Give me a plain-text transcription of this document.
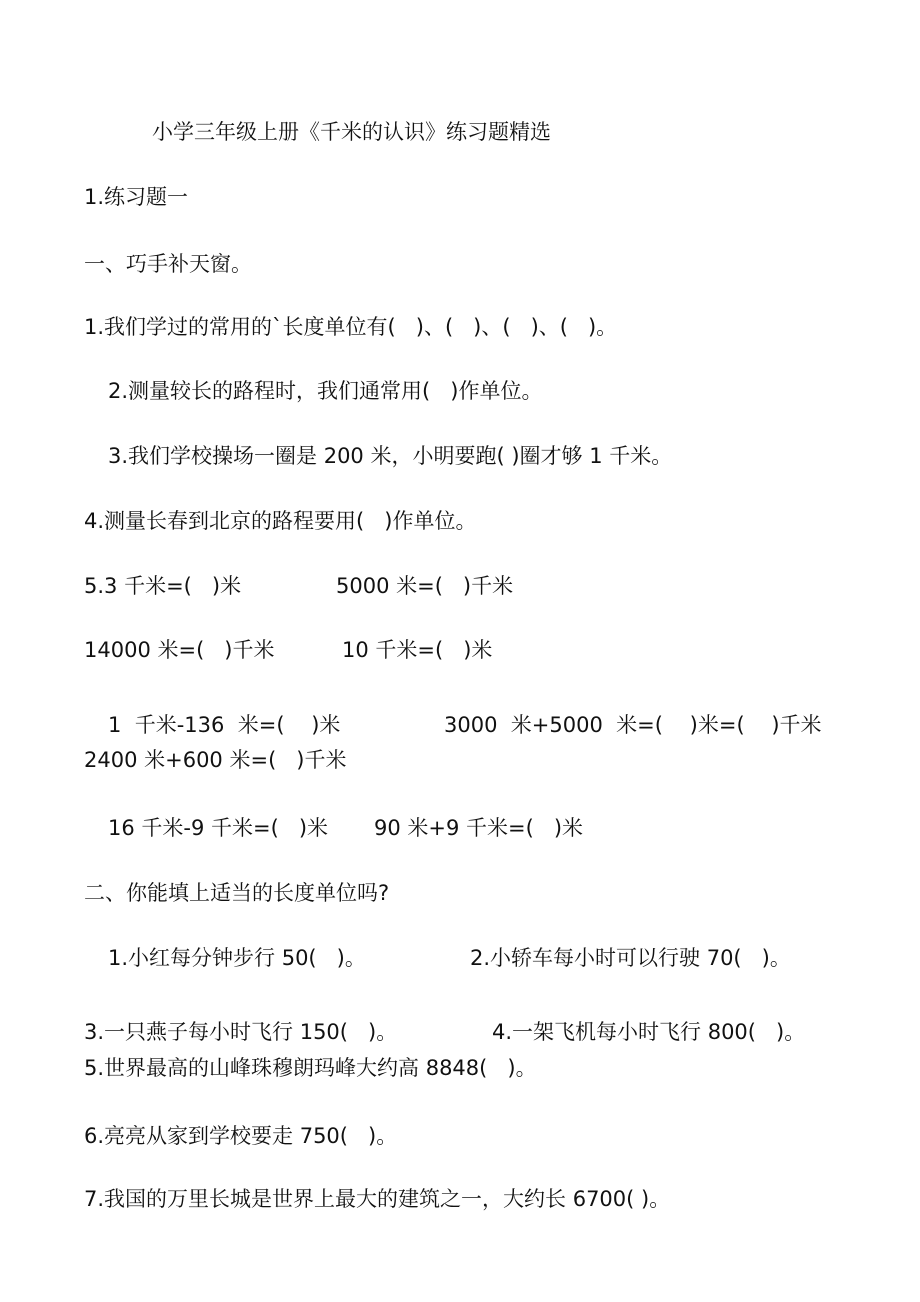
小学三年级上册《千米的认识》练习题精选
1.练习题一
一、巧手补天窗。
1.我们学过的常用的`长度单位有(   )、(   )、(   )、(   )。
2.测量较长的路程时，我们通常用(   )作单位。
3.我们学校操场一圈是 200 米，小明要跑( )圈才够 1 千米。
4.测量长春到北京的路程要用(   )作单位。
5.3 千米=(   )米	5000 米=(   )千米
14000 米=(   )千米	10 千米=(   )米
1  千米-136  米=(    )米	3000  米+5000  米=(    )米=(    )千米
2400 米+600 米=(   )千米
16 千米-9 千米=(   )米 90 米+9 千米=(   )米
二、你能填上适当的长度单位吗?
1.小红每分钟步行 50(   )。	2.小轿车每小时可以行驶 70(   )。
3.一只燕子每小时飞行 150(   )。	4.一架飞机每小时飞行 800(   )。
5.世界最高的山峰珠穆朗玛峰大约高 8848(   )。
6.亮亮从家到学校要走 750(   )。
7.我国的万里长城是世界上最大的建筑之一，大约长 6700( )。
